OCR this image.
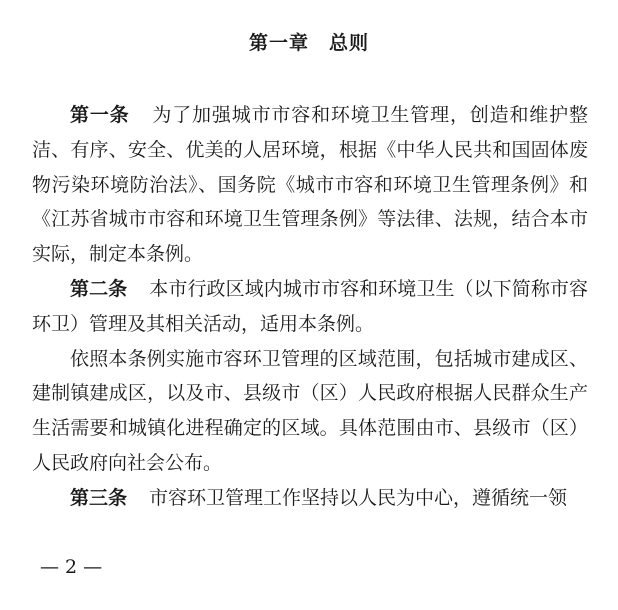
第一章　总则

第一条 为了加强城市市容和环境卫生管理，创造和维护整洁、有序、安全、优美的人居环境，根据《中华人民共和国固体废物污染环境防治法》、国务院《城市市容和环境卫生管理条例》和《江苏省城市市容和环境卫生管理条例》等法律、法规，结合本市实际，制定本条例。

第二条 本市行政区域内城市市容和环境卫生（以下简称市容环卫）管理及其相关活动，适用本条例。

依照本条例实施市容环卫管理的区域范围，包括城市建成区、建制镇建成区，以及市、县级市（区）人民政府根据人民群众生产生活需要和城镇化进程确定的区域。具体范围由市、县级市（区）人民政府向社会公布。

第三条 市容环卫管理工作坚持以人民为中心，遵循统一领

— 2 —
